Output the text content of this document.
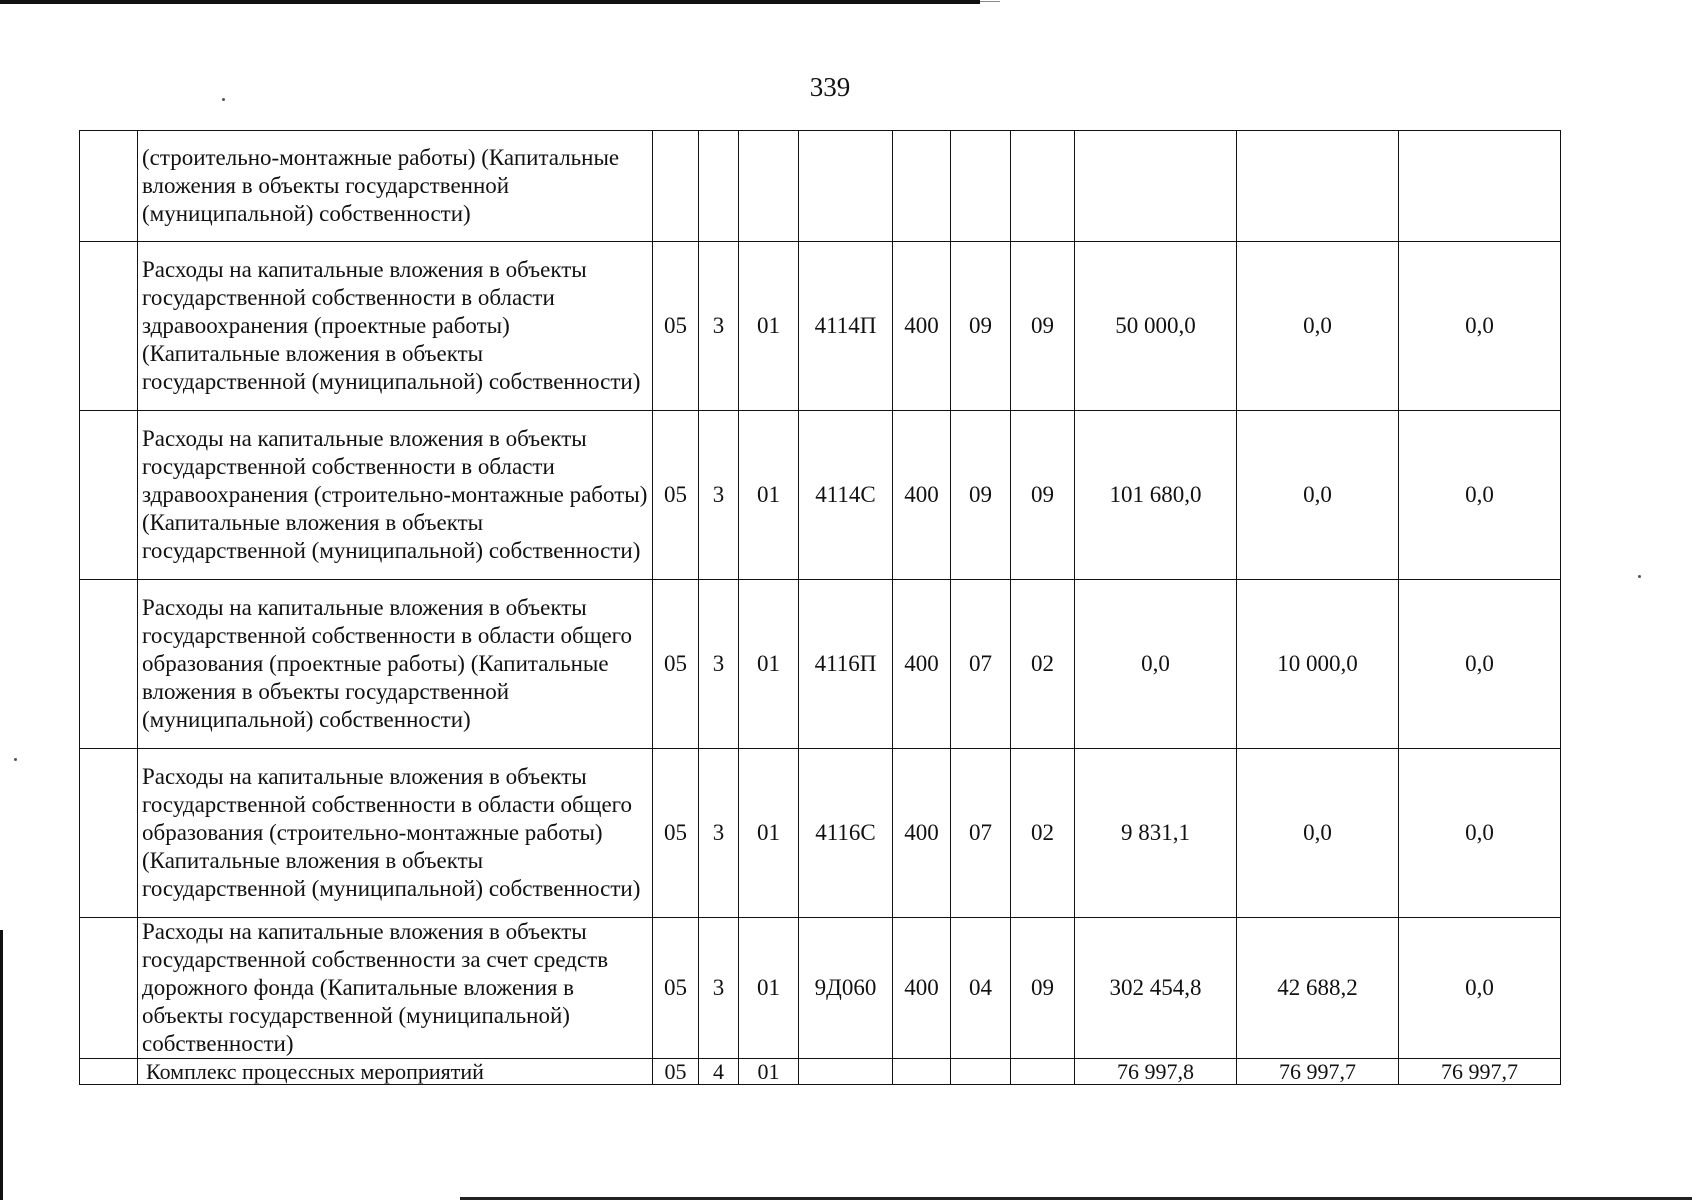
339
	(строительно-монтажные работы) (Капитальные вложения в объекты государственной (муниципальной) собственности)										
	Расходы на капитальные вложения в объекты государственной собственности в области здравоохранения (проектные работы) (Капитальные вложения в объекты государственной (муниципальной) собственности)	05	3	01	4114П	400	09	09	50 000,0	0,0	0,0
	Расходы на капитальные вложения в объекты государственной собственности в области здравоохранения (строительно-монтажные работы) (Капитальные вложения в объекты государственной (муниципальной) собственности)	05	3	01	4114С	400	09	09	101 680,0	0,0	0,0
	Расходы на капитальные вложения в объекты государственной собственности в области общего образования (проектные работы) (Капитальные вложения в объекты государственной (муниципальной) собственности)	05	3	01	4116П	400	07	02	0,0	10 000,0	0,0
	Расходы на капитальные вложения в объекты государственной собственности в области общего образования (строительно-монтажные работы) (Капитальные вложения в объекты государственной (муниципальной) собственности)	05	3	01	4116С	400	07	02	9 831,1	0,0	0,0
	Расходы на капитальные вложения в объекты государственной собственности за счет средств дорожного фонда (Капитальные вложения в объекты государственной (муниципальной) собственности)	05	3	01	9Д060	400	04	09	302 454,8	42 688,2	0,0
	Комплекс процессных мероприятий	05	4	01					76 997,8	76 997,7	76 997,7
